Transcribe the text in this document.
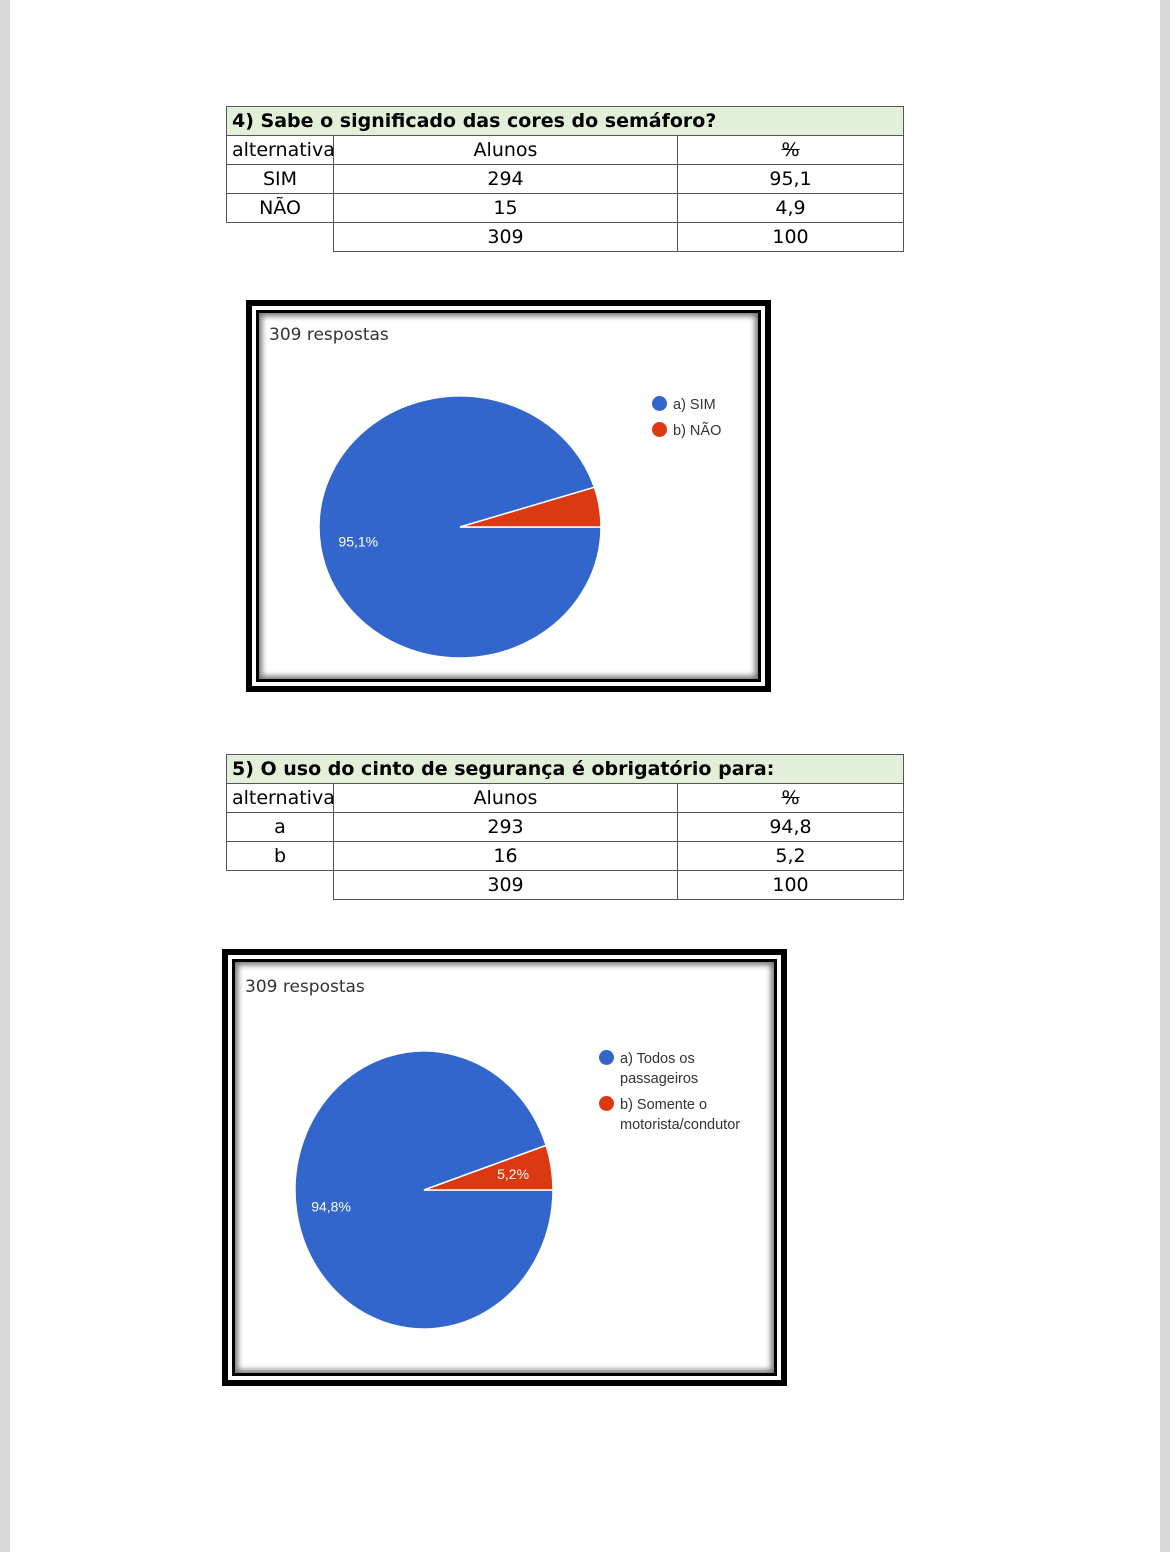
4) Sabe o significado das cores do semáforo?		
alternativa	Alunos	%
SIM	294	95,1
NÃO	15	4,9
	309	100
309 respostas
95,1%
a) SIM
b) NÃO
5) O uso do cinto de segurança é obrigatório para:		
alternativa	Alunos	%
a	293	94,8
b	16	5,2
	309	100
309 respostas
94,8%
5,2%
a) Todos os
passageiros
b) Somente o
motorista/condutor
